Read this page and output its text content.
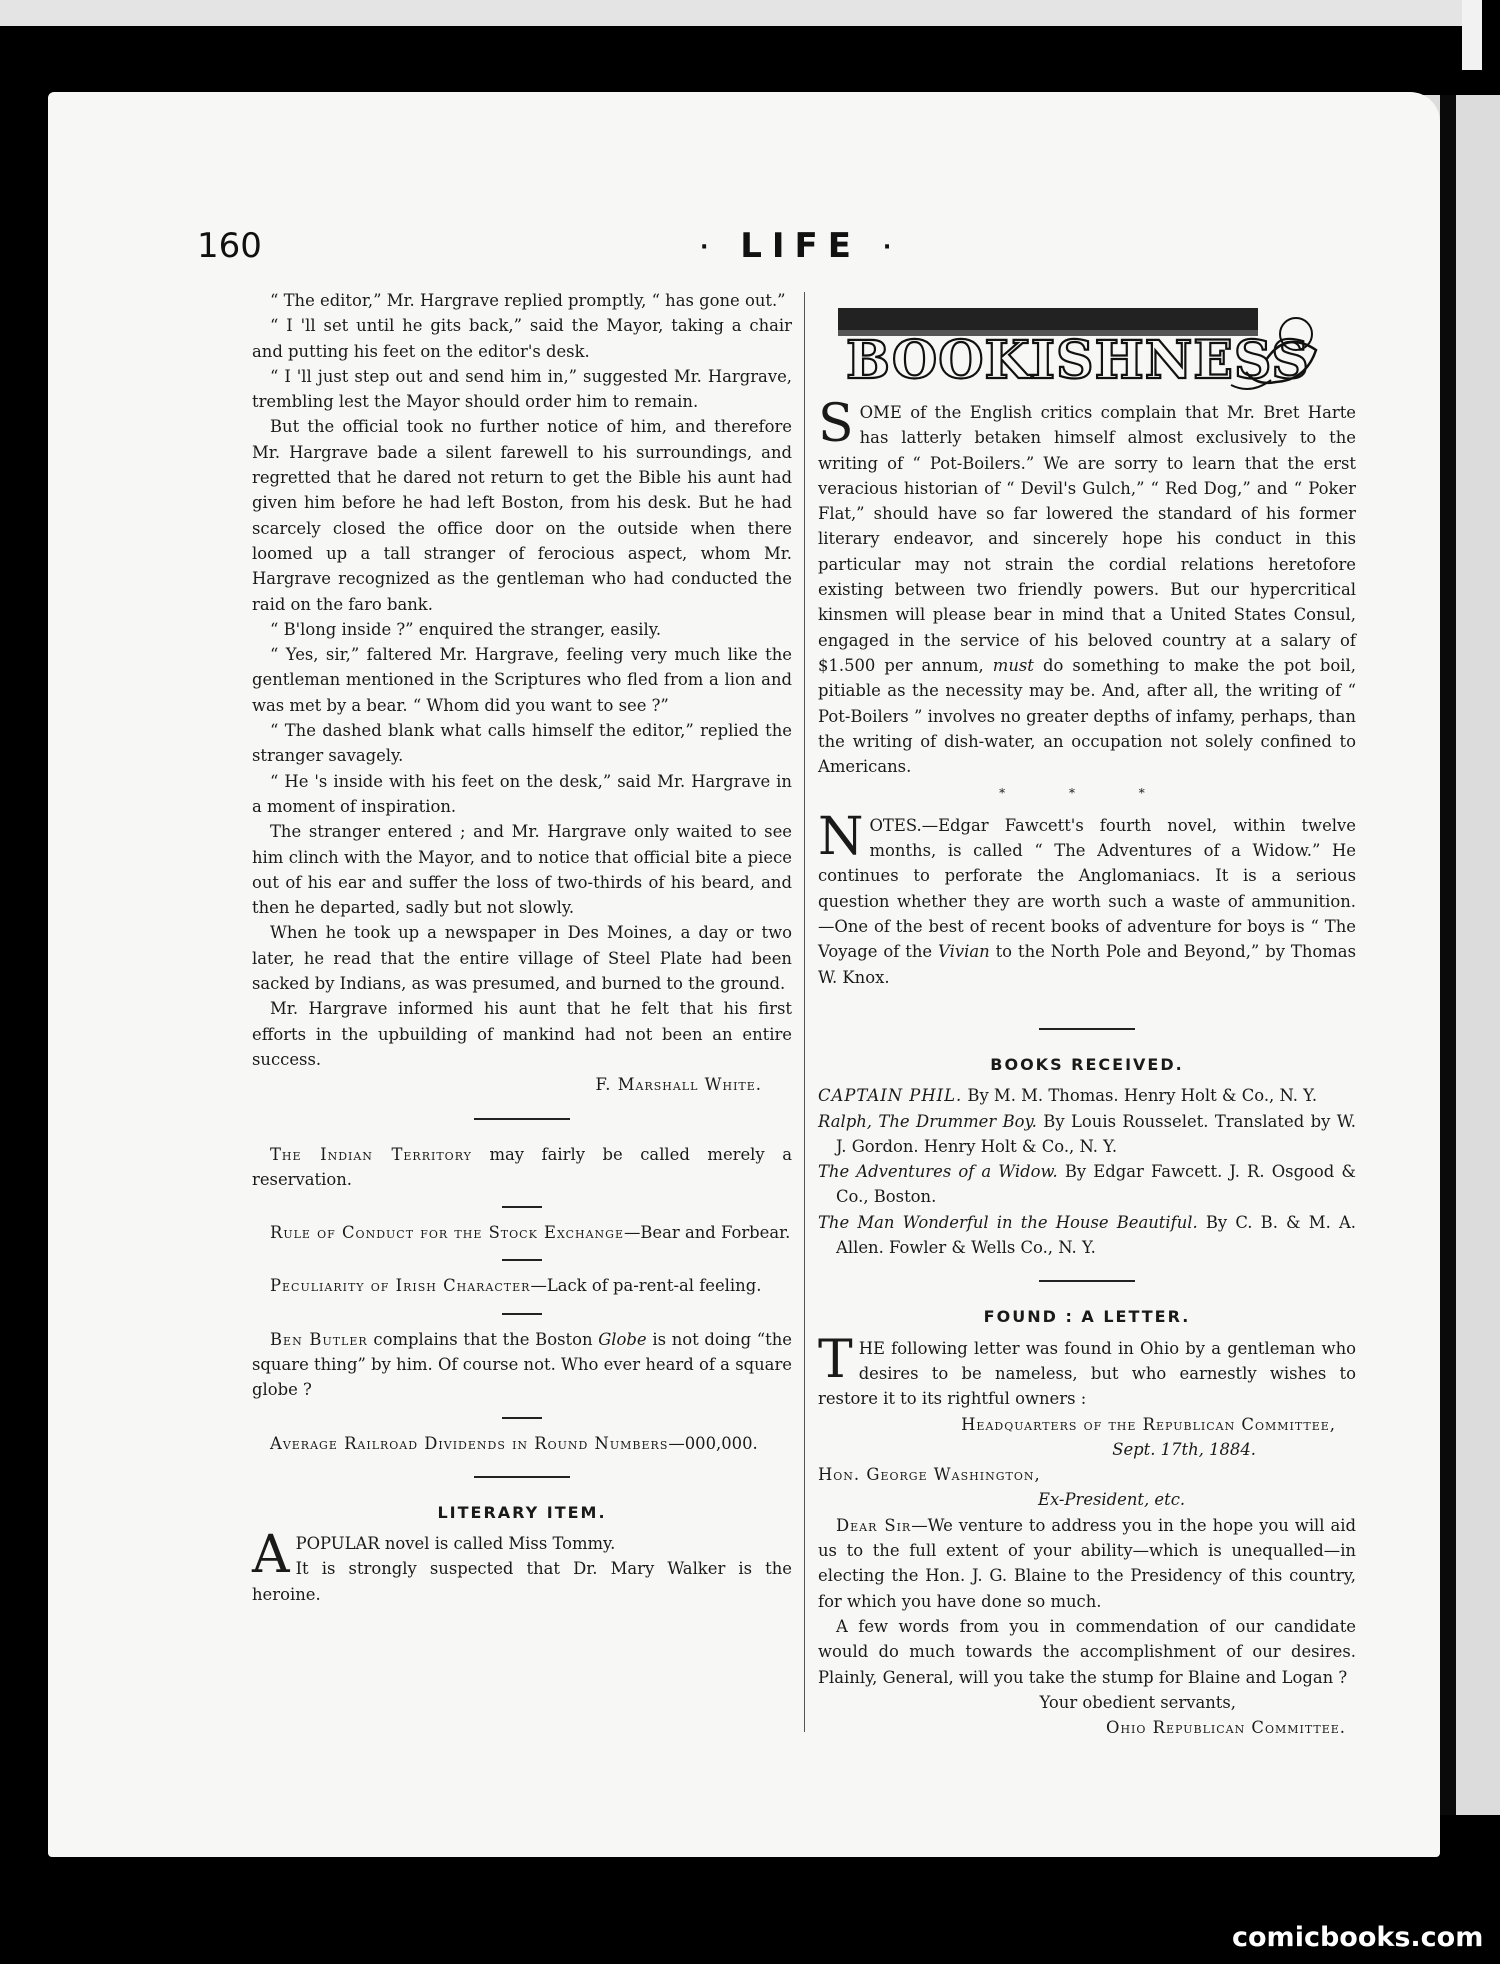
160	· LIFE ·

“ The editor,” Mr. Hargrave replied promptly, “ has gone out.”

“ I 'll set until he gits back,” said the Mayor, taking a chair and putting his feet on the editor's desk.

“ I 'll just step out and send him in,” suggested Mr. Hargrave, trembling lest the Mayor should order him to remain.

But the official took no further notice of him, and therefore Mr. Hargrave bade a silent farewell to his surroundings, and regretted that he dared not return to get the Bible his aunt had given him before he had left Boston, from his desk. But he had scarcely closed the office door on the outside when there loomed up a tall stranger of ferocious aspect, whom Mr. Hargrave recognized as the gentleman who had conducted the raid on the faro bank.

“ B'long inside ?” enquired the stranger, easily.

“ Yes, sir,” faltered Mr. Hargrave, feeling very much like the gentleman mentioned in the Scriptures who fled from a lion and was met by a bear. “ Whom did you want to see ?”

“ The dashed blank what calls himself the editor,” replied the stranger savagely.

“ He 's inside with his feet on the desk,” said Mr. Hargrave in a moment of inspiration.

The stranger entered ; and Mr. Hargrave only waited to see him clinch with the Mayor, and to notice that official bite a piece out of his ear and suffer the loss of two-thirds of his beard, and then he departed, sadly but not slowly.

When he took up a newspaper in Des Moines, a day or two later, he read that the entire village of Steel Plate had been sacked by Indians, as was presumed, and burned to the ground.

Mr. Hargrave informed his aunt that he felt that his first efforts in the upbuilding of mankind had not been an entire success.

F. Marshall White.

The Indian Territory may fairly be called merely a reservation.

Rule of Conduct for the Stock Exchange—Bear and Forbear.

Peculiarity of Irish Character—Lack of pa-rent-al feeling.

Ben Butler complains that the Boston Globe is not doing “the square thing” by him. Of course not. Who ever heard of a square globe ?

Average Railroad Dividends in Round Numbers—000,000.

LITERARY ITEM.

APOPULAR novel is called Miss Tommy.
It is strongly suspected that Dr. Mary Walker is the heroine.

BOOKISHNESS

SOME of the English critics complain that Mr. Bret Harte has latterly betaken himself almost exclusively to the writing of “ Pot-Boilers.” We are sorry to learn that the erst veracious historian of “ Devil's Gulch,” “ Red Dog,” and “ Poker Flat,” should have so far lowered the standard of his former literary endeavor, and sincerely hope his conduct in this particular may not strain the cordial relations heretofore existing between two friendly powers. But our hypercritical kinsmen will please bear in mind that a United States Consul, engaged in the service of his beloved country at a salary of $1.500 per annum, must do something to make the pot boil, pitiable as the necessity may be. And, after all, the writing of “ Pot-Boilers ” involves no greater depths of infamy, perhaps, than the writing of dish-water, an occupation not solely confined to Americans.

* * *

NOTES.—Edgar Fawcett's fourth novel, within twelve months, is called “ The Adventures of a Widow.” He continues to perforate the Anglomaniacs. It is a serious question whether they are worth such a waste of ammunition. —One of the best of recent books of adventure for boys is “ The Voyage of the Vivian to the North Pole and Beyond,” by Thomas W. Knox.

BOOKS RECEIVED.

CAPTAIN PHIL. By M. M. Thomas. Henry Holt & Co., N. Y.

Ralph, The Drummer Boy. By Louis Rousselet. Translated by W. J. Gordon. Henry Holt & Co., N. Y.

The Adventures of a Widow. By Edgar Fawcett. J. R. Osgood & Co., Boston.

The Man Wonderful in the House Beautiful. By C. B. & M. A. Allen. Fowler & Wells Co., N. Y.

FOUND : A LETTER.

THE following letter was found in Ohio by a gentleman who desires to be nameless, but who earnestly wishes to restore it to its rightful owners :

Headquarters of the Republican Committee,
Sept. 17th, 1884.
Hon. George Washington,
Ex-President, etc.

Dear Sir—We venture to address you in the hope you will aid us to the full extent of your ability—which is unequalled—in electing the Hon. J. G. Blaine to the Presidency of this country, for which you have done so much.

A few words from you in commendation of our candidate would do much towards the accomplishment of our desires. Plainly, General, will you take the stump for Blaine and Logan ?

Your obedient servants,
Ohio Republican Committee.
comicbooks.com
